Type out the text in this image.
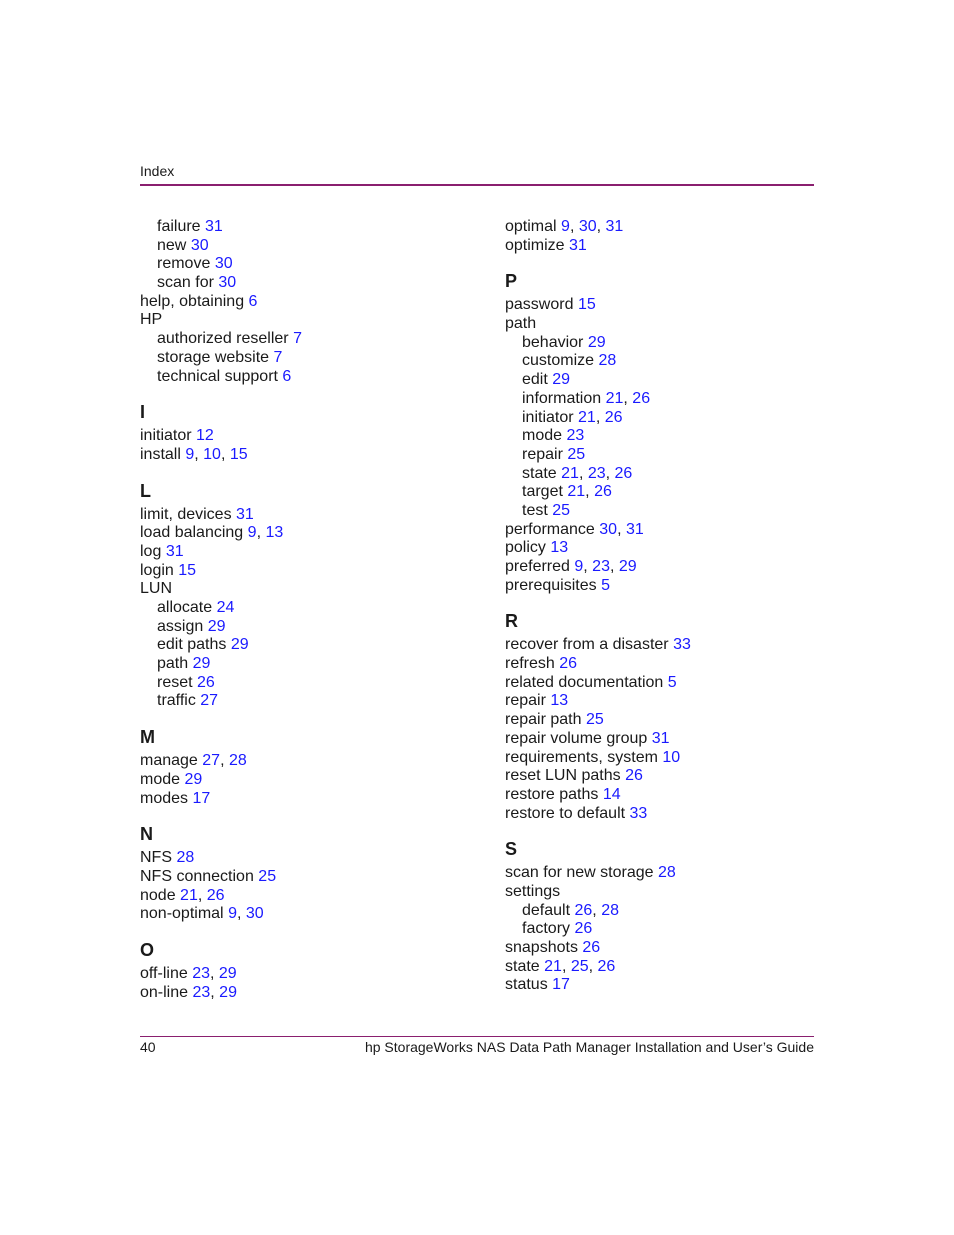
Index
failure 31
new 30
remove 30
scan for 30
help, obtaining 6
HP
authorized reseller 7
storage website 7
technical support 6
I
initiator 12
install 9, 10, 15
L
limit, devices 31
load balancing 9, 13
log 31
login 15
LUN
allocate 24
assign 29
edit paths 29
path 29
reset 26
traffic 27
M
manage 27, 28
mode 29
modes 17
N
NFS 28
NFS connection 25
node 21, 26
non-optimal 9, 30
O
off-line 23, 29
on-line 23, 29
optimal 9, 30, 31
optimize 31
P
password 15
path
behavior 29
customize 28
edit 29
information 21, 26
initiator 21, 26
mode 23
repair 25
state 21, 23, 26
target 21, 26
test 25
performance 30, 31
policy 13
preferred 9, 23, 29
prerequisites 5
R
recover from a disaster 33
refresh 26
related documentation 5
repair 13
repair path 25
repair volume group 31
requirements, system 10
reset LUN paths 26
restore paths 14
restore to default 33
S
scan for new storage 28
settings
default 26, 28
factory 26
snapshots 26
state 21, 25, 26
status 17
40	hp StorageWorks NAS Data Path Manager Installation and User’s Guide
